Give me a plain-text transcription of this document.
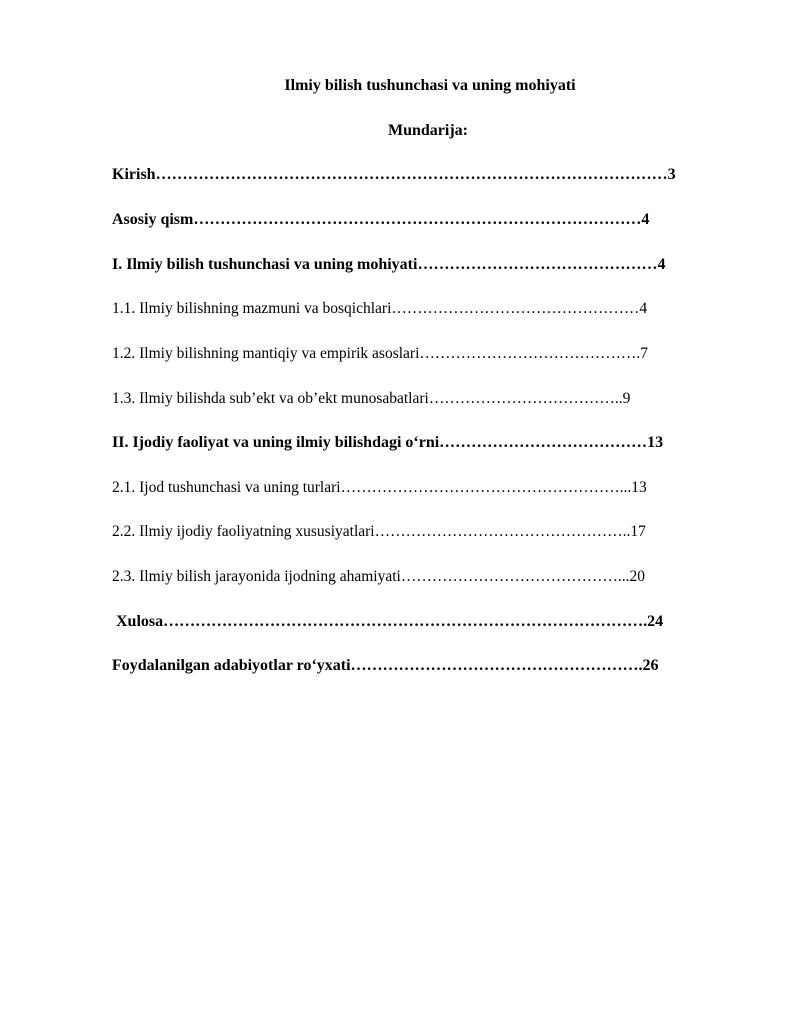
Ilmiy bilish tushunchasi va uning mohiyati
Mundarija:
Kirish……………………………………………………………………………………3
Asosiy qism…………………………………………………………………………4
I. Ilmiy bilish tushunchasi va uning mohiyati………………………………………4
1.1. Ilmiy bilishning mazmuni va bosqichlari…………………………………………4
1.2. Ilmiy bilishning mantiqiy va empirik asoslari…………………………………….7
1.3. Ilmiy bilishda sub’ekt va ob’ekt munosabatlari………………………………..9
II. Ijodiy faoliyat va uning ilmiy bilishdagi o‘rni…………………………………13
2.1. Ijod tushunchasi va uning turlari………………………………………………...13
2.2. Ilmiy ijodiy faoliyatning xususiyatlari…………………………………………..17
2.3. Ilmiy bilish jarayonida ijodning ahamiyati……………………………………...20
Xulosa……………………………………………………………………………….24
Foydalanilgan adabiyotlar ro‘yxati……………………………………………….26
